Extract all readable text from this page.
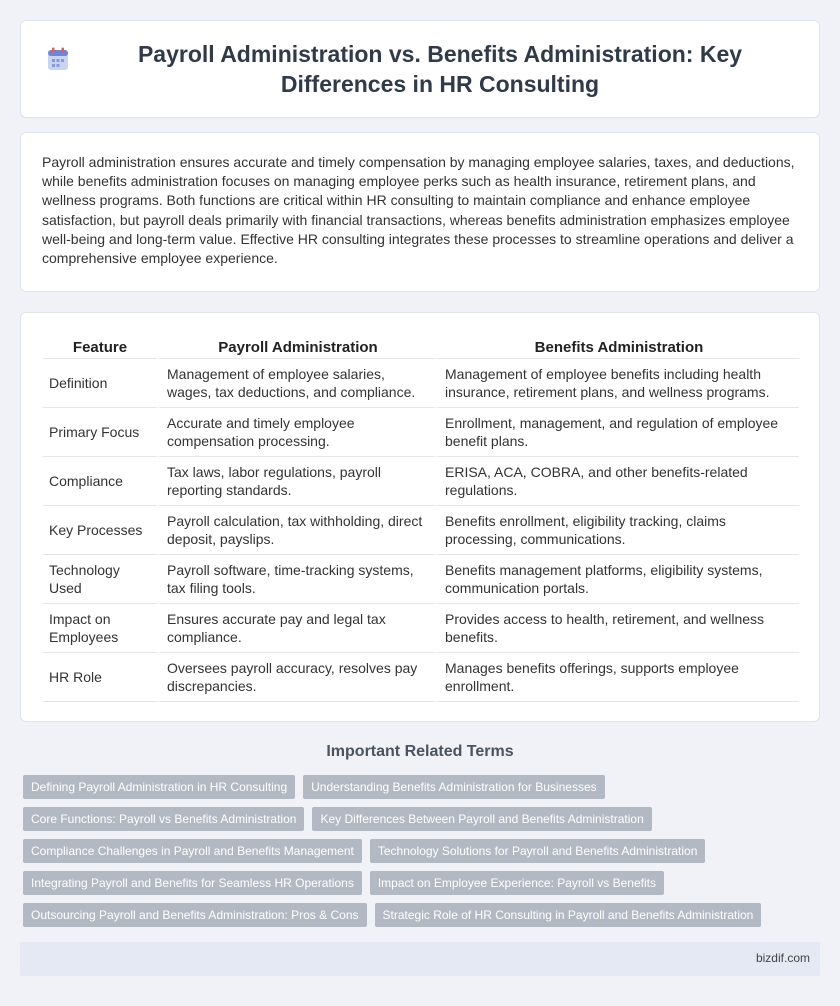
Payroll Administration vs. Benefits Administration: Key Differences in HR Consulting

Payroll administration ensures accurate and timely compensation by managing employee salaries, taxes, and deductions, while benefits administration focuses on managing employee perks such as health insurance, retirement plans, and wellness programs. Both functions are critical within HR consulting to maintain compliance and enhance employee satisfaction, but payroll deals primarily with financial transactions, whereas benefits administration emphasizes employee well-being and long-term value. Effective HR consulting integrates these processes to streamline operations and deliver a comprehensive employee experience.

Feature	Payroll Administration	Benefits Administration
Definition	Management of employee salaries, wages, tax deductions, and compliance.	Management of employee benefits including health insurance, retirement plans, and wellness programs.
Primary Focus	Accurate and timely employee compensation processing.	Enrollment, management, and regulation of employee benefit plans.
Compliance	Tax laws, labor regulations, payroll reporting standards.	ERISA, ACA, COBRA, and other benefits-related regulations.
Key Processes	Payroll calculation, tax withholding, direct deposit, payslips.	Benefits enrollment, eligibility tracking, claims processing, communications.
Technology Used	Payroll software, time-tracking systems, tax filing tools.	Benefits management platforms, eligibility systems, communication portals.
Impact on Employees	Ensures accurate pay and legal tax compliance.	Provides access to health, retirement, and wellness benefits.
HR Role	Oversees payroll accuracy, resolves pay discrepancies.	Manages benefits offerings, supports employee enrollment.
Important Related Terms
Defining Payroll Administration in HR Consulting	Understanding Benefits Administration for Businesses
Core Functions: Payroll vs Benefits Administration	Key Differences Between Payroll and Benefits Administration
Compliance Challenges in Payroll and Benefits Management	Technology Solutions for Payroll and Benefits Administration
Integrating Payroll and Benefits for Seamless HR Operations	Impact on Employee Experience: Payroll vs Benefits
Outsourcing Payroll and Benefits Administration: Pros & Cons	Strategic Role of HR Consulting in Payroll and Benefits Administration
bizdif.com
